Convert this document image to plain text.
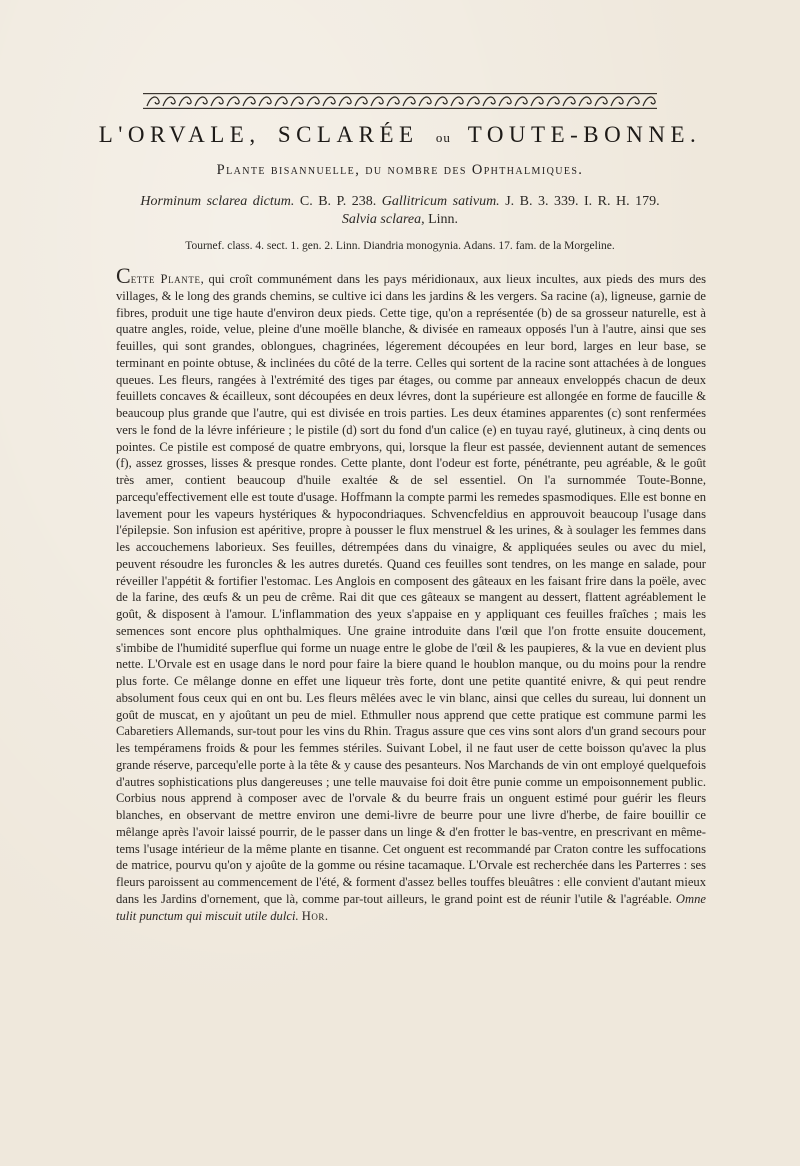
L'ORVALE, SCLARÉE ou TOUTE-BONNE.
Plante bisannuelle, du nombre des Ophthalmiques.
Horminum sclarea dictum. C. B. P. 238. Gallitricum sativum. J. B. 3. 339. I. R. H. 179.
Salvia sclarea, Linn.
Tournef. class. 4. sect. 1. gen. 2. Linn. Diandria monogynia. Adans. 17. fam. de la Morgeline.

Cette Plante, qui croît communément dans les pays méridionaux, aux lieux incultes, aux pieds des murs des villages, & le long des grands chemins, se cultive ici dans les jardins & les vergers. Sa racine (a), ligneuse, garnie de fibres, produit une tige haute d'environ deux pieds. Cette tige, qu'on a représentée (b) de sa grosseur naturelle, est à quatre angles, roide, velue, pleine d'une moëlle blanche, & divisée en rameaux opposés l'un à l'autre, ainsi que ses feuilles, qui sont grandes, oblongues, chagrinées, légerement découpées en leur bord, larges en leur base, se terminant en pointe obtuse, & inclinées du côté de la terre. Celles qui sortent de la racine sont attachées à de longues queues. Les fleurs, rangées à l'extrémité des tiges par étages, ou comme par anneaux enveloppés chacun de deux feuillets concaves & écailleux, sont découpées en deux lévres, dont la supérieure est allongée en forme de faucille & beaucoup plus grande que l'autre, qui est divisée en trois parties. Les deux étamines apparentes (c) sont renfermées vers le fond de la lévre inférieure ; le pistile (d) sort du fond d'un calice (e) en tuyau rayé, glutineux, à cinq dents ou pointes. Ce pistile est composé de quatre embryons, qui, lorsque la fleur est passée, deviennent autant de semences (f), assez grosses, lisses & presque rondes. Cette plante, dont l'odeur est forte, pénétrante, peu agréable, & le goût très amer, contient beaucoup d'huile exaltée & de sel essentiel. On l'a surnommée Toute-Bonne, parcequ'effectivement elle est toute d'usage. Hoffmann la compte parmi les remedes spasmodiques. Elle est bonne en lavement pour les vapeurs hystériques & hypocondriaques. Schvencfeldius en approuvoit beaucoup l'usage dans l'épilepsie. Son infusion est apéritive, propre à pousser le flux menstruel & les urines, & à soulager les femmes dans les accouchemens laborieux. Ses feuilles, détrempées dans du vinaigre, & appliquées seules ou avec du miel, peuvent résoudre les furoncles & les autres duretés. Quand ces feuilles sont tendres, on les mange en salade, pour réveiller l'appétit & fortifier l'estomac. Les Anglois en composent des gâteaux en les faisant frire dans la poële, avec de la farine, des œufs & un peu de crême. Rai dit que ces gâteaux se mangent au dessert, flattent agréablement le goût, & disposent à l'amour. L'inflammation des yeux s'appaise en y appliquant ces feuilles fraîches ; mais les semences sont encore plus ophthalmiques. Une graine introduite dans l'œil que l'on frotte ensuite doucement, s'imbibe de l'humidité superflue qui forme un nuage entre le globe de l'œil & les paupieres, & la vue en devient plus nette. L'Orvale est en usage dans le nord pour faire la biere quand le houblon manque, ou du moins pour la rendre plus forte. Ce mêlange donne en effet une liqueur très forte, dont une petite quantité enivre, & qui peut rendre absolument fous ceux qui en ont bu. Les fleurs mêlées avec le vin blanc, ainsi que celles du sureau, lui donnent un goût de muscat, en y ajoûtant un peu de miel. Ethmuller nous apprend que cette pratique est commune parmi les Cabaretiers Allemands, sur-tout pour les vins du Rhin. Tragus assure que ces vins sont alors d'un grand secours pour les tempéramens froids & pour les femmes stériles. Suivant Lobel, il ne faut user de cette boisson qu'avec la plus grande réserve, parcequ'elle porte à la tête & y cause des pesanteurs. Nos Marchands de vin ont employé quelquefois d'autres sophistications plus dangereuses ; une telle mauvaise foi doit être punie comme un empoisonnement public. Corbius nous apprend à composer avec de l'orvale & du beurre frais un onguent estimé pour guérir les fleurs blanches, en observant de mettre environ une demi-livre de beurre pour une livre d'herbe, de faire bouillir ce mêlange après l'avoir laissé pourrir, de le passer dans un linge & d'en frotter le bas-ventre, en prescrivant en même-tems l'usage intérieur de la même plante en tisanne. Cet onguent est recommandé par Craton contre les suffocations de matrice, pourvu qu'on y ajoûte de la gomme ou résine tacamaque. L'Orvale est recherchée dans les Parterres : ses fleurs paroissent au commencement de l'été, & forment d'assez belles touffes bleuâtres : elle convient d'autant mieux dans les Jardins d'ornement, que là, comme par-tout ailleurs, le grand point est de réunir l'utile & l'agréable. Omne tulit punctum qui miscuit utile dulci. Hor.
